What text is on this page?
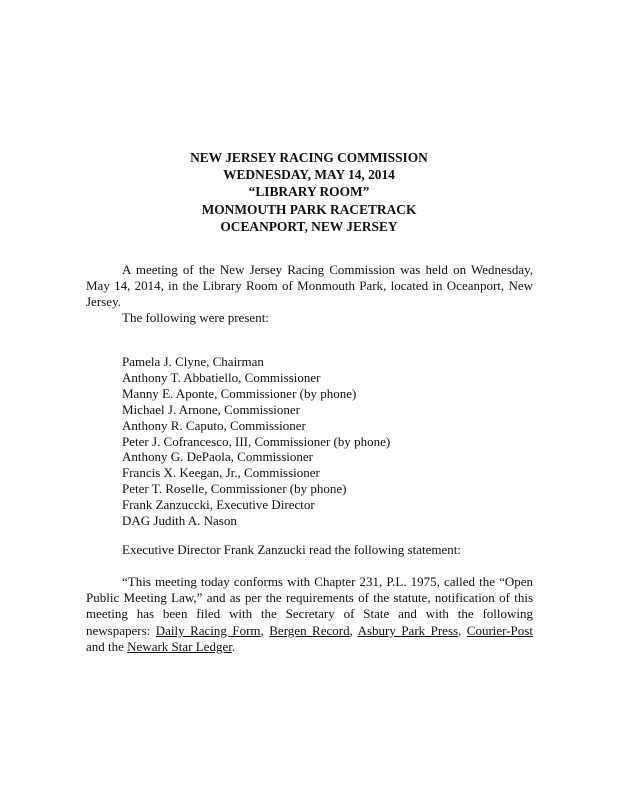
NEW JERSEY RACING COMMISSION
WEDNESDAY, MAY 14, 2014
“LIBRARY ROOM”
MONMOUTH PARK RACETRACK
OCEANPORT, NEW JERSEY

A meeting of the New Jersey Racing Commission was held on Wednesday, May 14, 2014, in the Library Room of Monmouth Park, located in Oceanport, New Jersey.

The following were present:
Pamela J. Clyne, Chairman
Anthony T. Abbatiello, Commissioner
Manny E. Aponte, Commissioner (by phone)
Michael J. Arnone, Commissioner
Anthony R. Caputo, Commissioner
Peter J. Cofrancesco, III, Commissioner (by phone)
Anthony G. DePaola, Commissioner
Francis X. Keegan, Jr., Commissioner
Peter T. Roselle, Commissioner (by phone)
Frank Zanzuccki, Executive Director
DAG Judith A. Nason
Executive Director Frank Zanzucki read the following statement:

“This meeting today conforms with Chapter 231, P.L. 1975, called the “Open Public Meeting Law,” and as per the requirements of the statute, notification of this meeting has been filed with the Secretary of State and with the following newspapers: Daily Racing Form, Bergen Record, Asbury Park Press, Courier-Post and the Newark Star Ledger.
